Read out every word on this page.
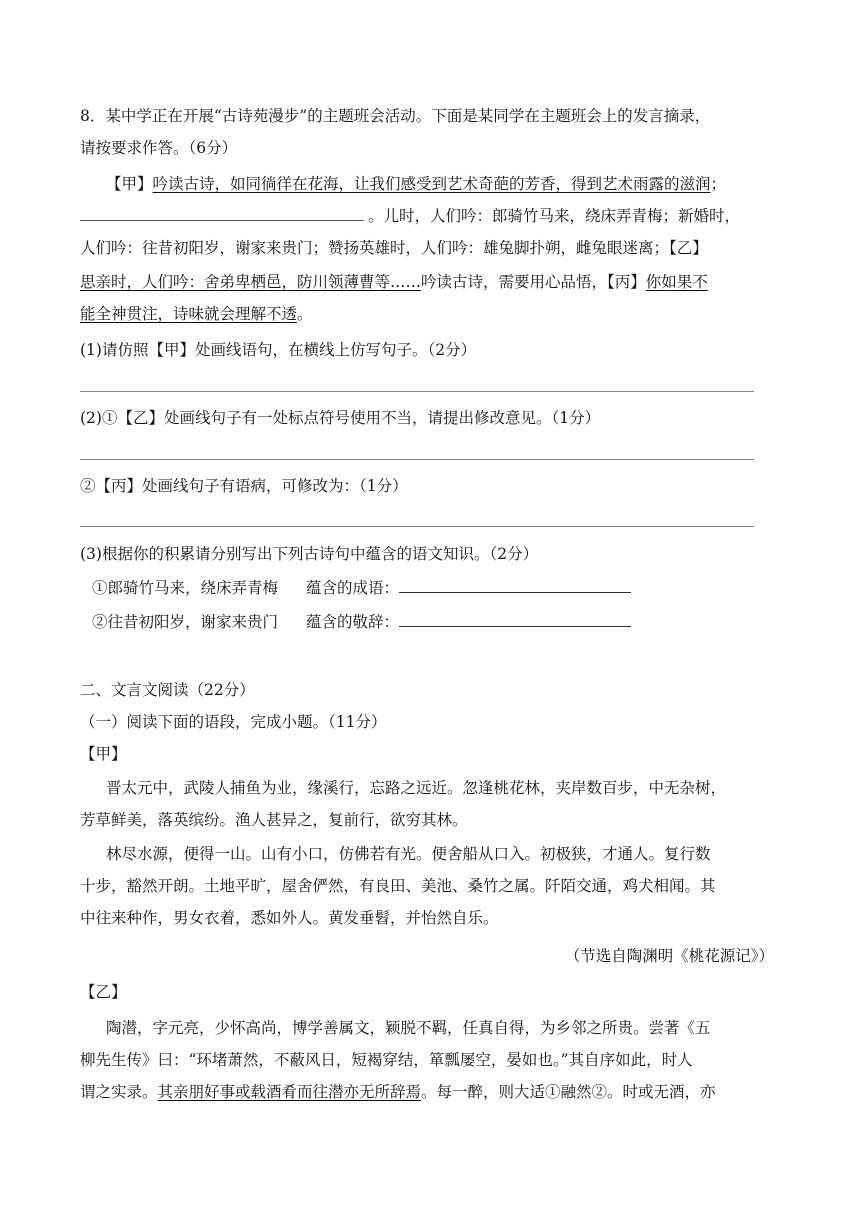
8．某中学正在开展“古诗苑漫步”的主题班会活动。下面是某同学在主题班会上的发言摘录，
请按要求作答。（6分）
【甲】吟读古诗，如同徜徉在花海，让我们感受到艺术奇葩的芳香，得到艺术雨露的滋润；
。儿时，人们吟：郎骑竹马来，绕床弄青梅；新婚时，
人们吟：往昔初阳岁，谢家来贵门；赞扬英雄时，人们吟：雄兔脚扑朔，雌兔眼迷离；【乙】
思亲时，人们吟：舍弟卑栖邑，防川领薄曹等……吟读古诗，需要用心品悟，【丙】你如果不
能全神贯注，诗味就会理解不透。
(1)请仿照【甲】处画线语句，在横线上仿写句子。（2分）
(2)①【乙】处画线句子有一处标点符号使用不当，请提出修改意见。（1分）
②【丙】处画线句子有语病，可修改为：（1分）
(3)根据你的积累请分别写出下列古诗句中蕴含的语文知识。（2分）
①郎骑竹马来，绕床弄青梅 蕴含的成语：
②往昔初阳岁，谢家来贵门 蕴含的敬辞：
二、文言文阅读（22分）
（一）阅读下面的语段，完成小题。（11分）
【甲】
晋太元中，武陵人捕鱼为业，缘溪行，忘路之远近。忽逢桃花林，夹岸数百步，中无杂树，
芳草鲜美，落英缤纷。渔人甚异之，复前行，欲穷其林。
林尽水源，便得一山。山有小口，仿佛若有光。便舍船从口入。初极狭，才通人。复行数
十步，豁然开朗。土地平旷，屋舍俨然，有良田、美池、桑竹之属。阡陌交通，鸡犬相闻。其
中往来种作，男女衣着，悉如外人。黄发垂髫，并怡然自乐。
（节选自陶渊明《桃花源记》）
【乙】
陶潜，字元亮，少怀高尚，博学善属文，颖脱不羁，任真自得，为乡邻之所贵。尝著《五
柳先生传》曰：“环堵萧然，不蔽风日，短褐穿结，箪瓢屡空，晏如也。”其自序如此，时人
谓之实录。其亲朋好事或载酒肴而往潜亦无所辞焉。每一醉，则大适①融然②。时或无酒，亦
